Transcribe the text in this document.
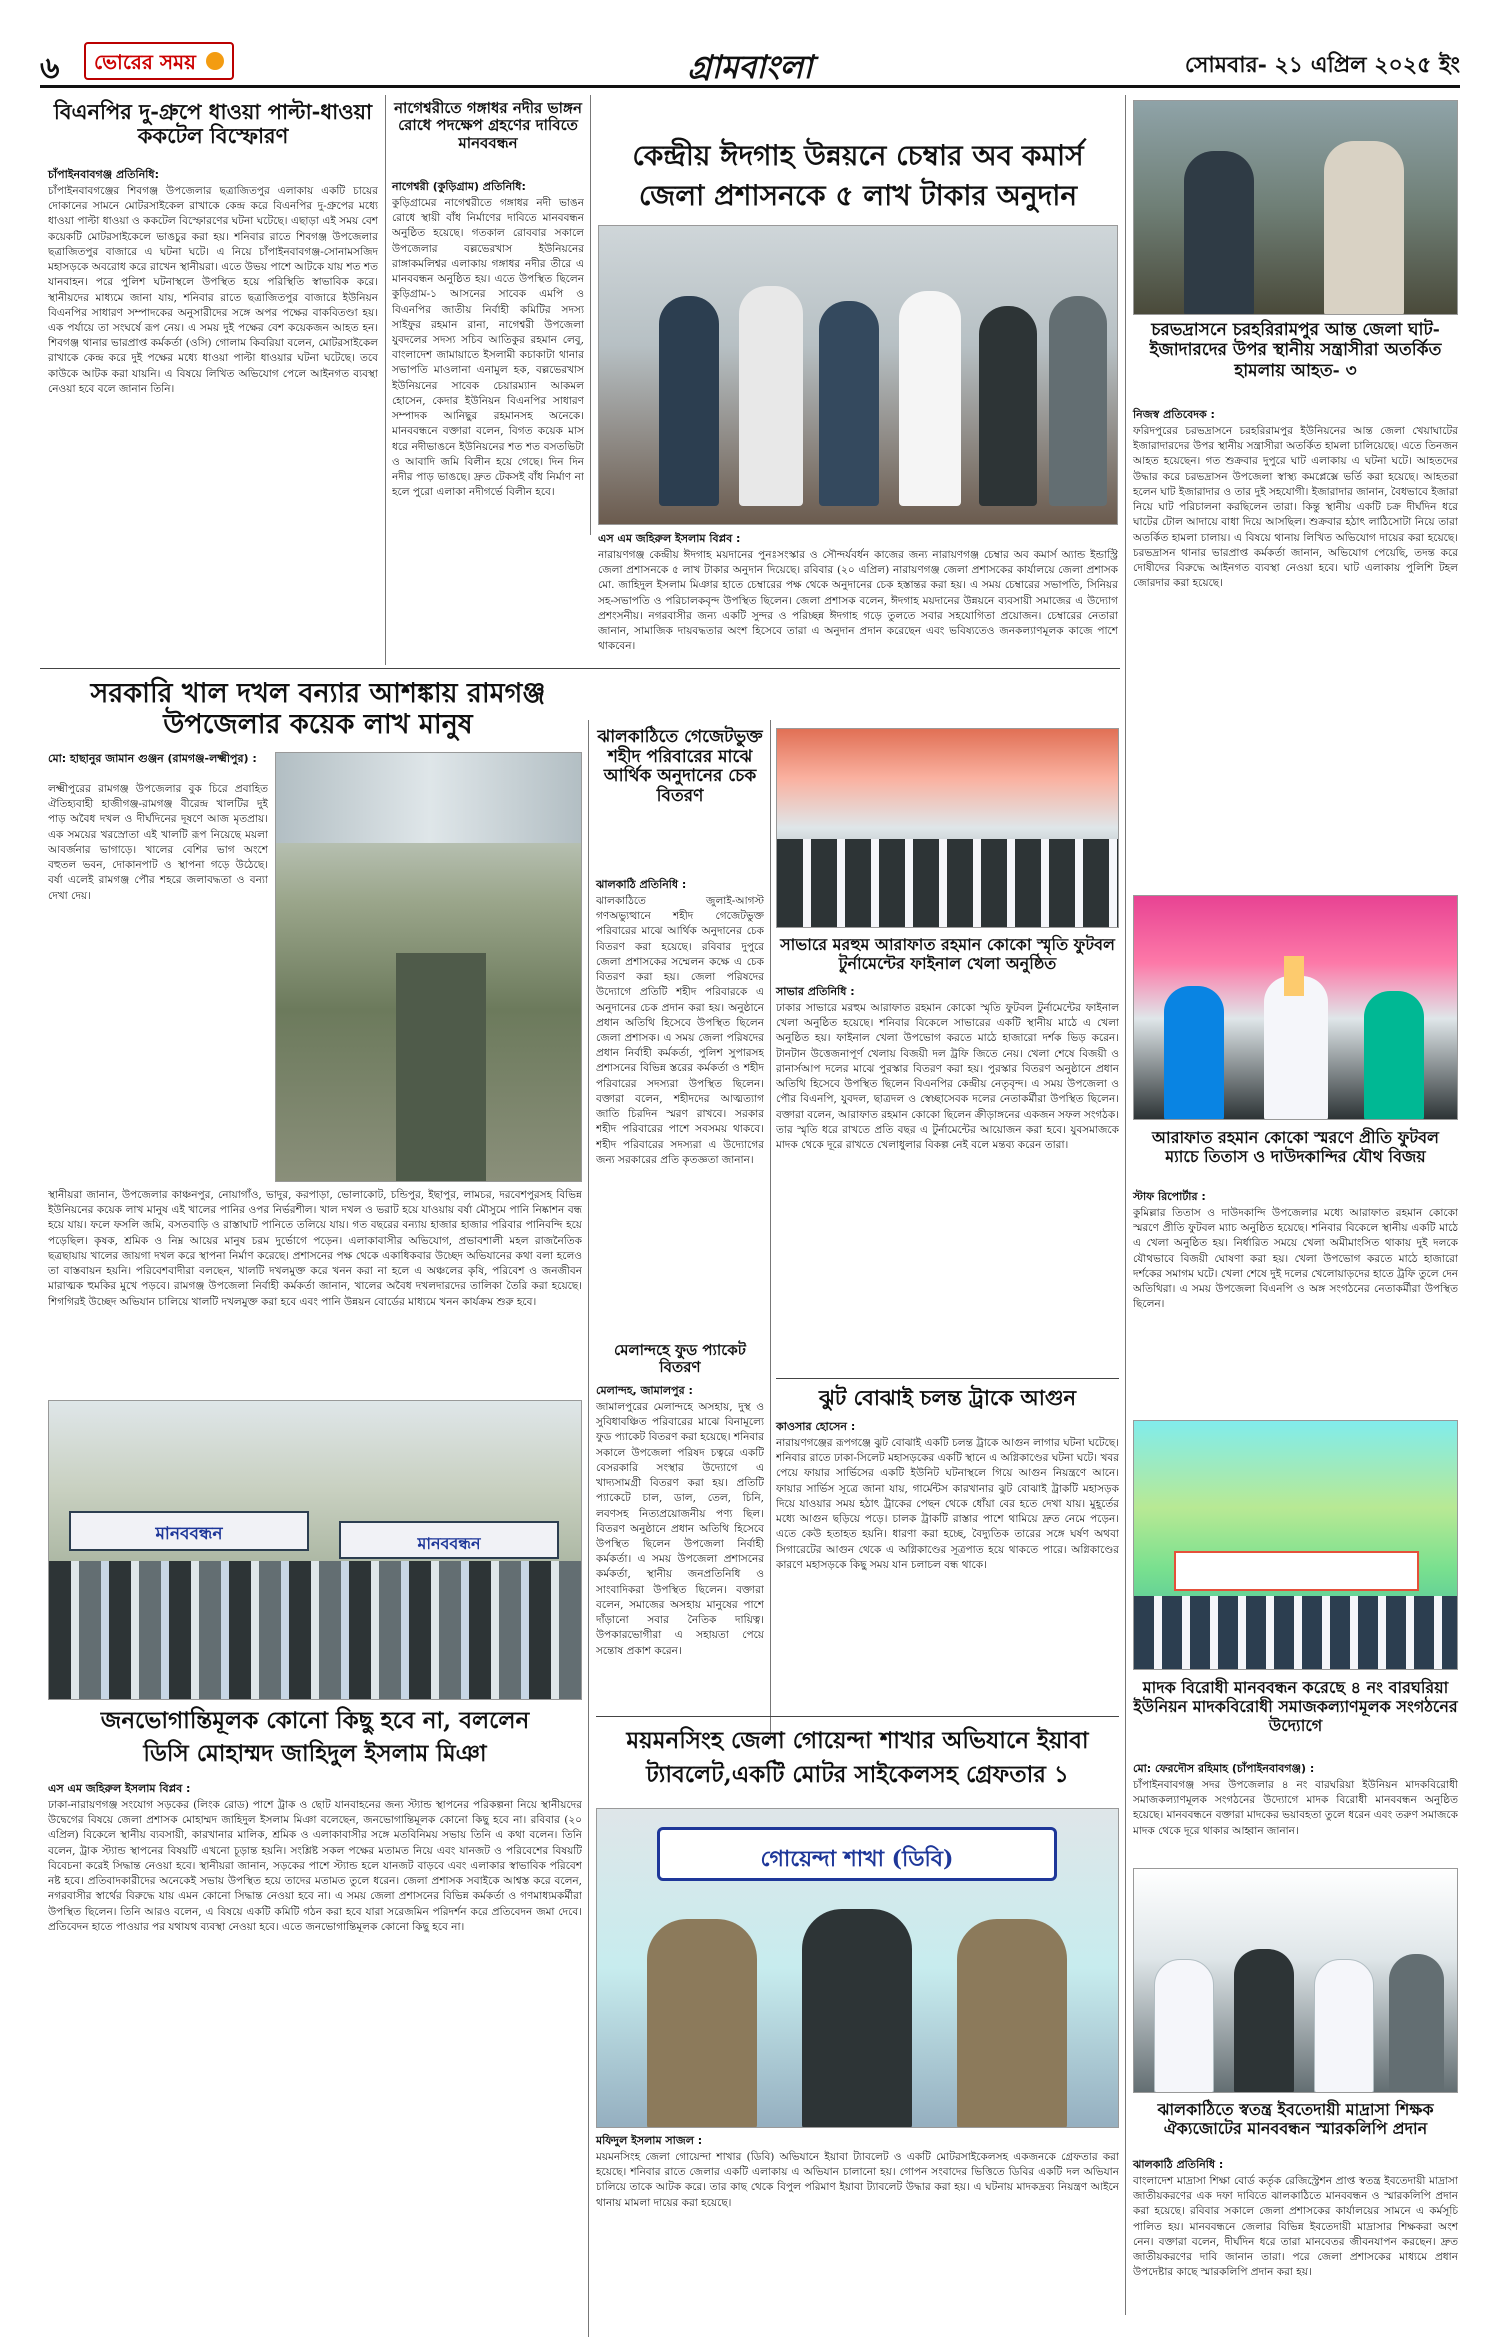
৬ ভোরের সময়	গ্রামবাংলা	সোমবার- ২১ এপ্রিল ২০২৫ ইং
বিএনপির দু-গ্রুপে ধাওয়া পাল্টা-ধাওয়া ককটেল বিস্ফোরণ
চাঁপাইনবাবগঞ্জ প্রতিনিধি:
চাঁপাইনবাবগঞ্জের শিবগঞ্জ উপজেলার ছত্রাজিতপুর এলাকায় একটি চায়ের দোকানের সামনে মোটরসাইকেল রাখাকে কেন্দ্র করে বিএনপির দু-গ্রুপের মধ্যে ধাওয়া পাল্টা ধাওয়া ও ককটেল বিস্ফোরণের ঘটনা ঘটেছে। এছাড়া এই সময় বেশ কয়েকটি মোটরসাইকেলে ভাঙচুর করা হয়। শনিবার রাতে শিবগঞ্জ উপজেলার ছত্রাজিতপুর বাজারে এ ঘটনা ঘটে। এ নিয়ে চাঁপাইনবাবগঞ্জ-সোনামসজিদ মহাসড়কে অবরোধ করে রাখেন স্থানীয়রা। এতে উভয় পাশে আটকে যায় শত শত যানবাহন। পরে পুলিশ ঘটনাস্থলে উপস্থিত হয়ে পরিস্থিতি স্বাভাবিক করে। স্থানীয়দের মাধ্যমে জানা যায়, শনিবার রাতে ছত্রাজিতপুর বাজারে ইউনিয়ন বিএনপির সাধারণ সম্পাদকের অনুসারীদের সঙ্গে অপর পক্ষের বাকবিতণ্ডা হয়। এক পর্যায়ে তা সংঘর্ষে রূপ নেয়। এ সময় দুই পক্ষের বেশ কয়েকজন আহত হন। শিবগঞ্জ থানার ভারপ্রাপ্ত কর্মকর্তা (ওসি) গোলাম কিবরিয়া বলেন, মোটরসাইকেল রাখাকে কেন্দ্র করে দুই পক্ষের মধ্যে ধাওয়া পাল্টা ধাওয়ার ঘটনা ঘটেছে। তবে কাউকে আটক করা যায়নি। এ বিষয়ে লিখিত অভিযোগ পেলে আইনগত ব্যবস্থা নেওয়া হবে বলে জানান তিনি।
নাগেশ্বরীতে গঙ্গাধর নদীর ভাঙ্গন রোধে পদক্ষেপ গ্রহণের দাবিতে মানববন্ধন
নাগেশ্বরী (কুড়িগ্রাম) প্রতিনিধি:
কুড়িগ্রামের নাগেশ্বরীতে গঙ্গাধর নদী ভাঙন রোধে স্থায়ী বাঁধ নির্মাণের দাবিতে মানববন্ধন অনুষ্ঠিত হয়েছে। গতকাল রোববার সকালে উপজেলার বল্লভেরখাস ইউনিয়নের রাঙ্গাকমলিশ্বর এলাকায় গঙ্গাধর নদীর তীরে এ মানববন্ধন অনুষ্ঠিত হয়। এতে উপস্থিত ছিলেন কুড়িগ্রাম-১ আসনের সাবেক এমপি ও বিএনপির জাতীয় নির্বাহী কমিটির সদস্য সাইফুর রহমান রানা, নাগেশ্বরী উপজেলা যুবদলের সদস্য সচিব আতিকুর রহমান লেবু, বাংলাদেশ জামায়াতে ইসলামী কচাকাটা থানার সভাপতি মাওলানা এনামুল হক, বল্লভেরখাস ইউনিয়নের সাবেক চেয়ারম্যান আকমল হোসেন, কেদার ইউনিয়ন বিএনপির সাধারণ সম্পাদক আনিছুর রহমানসহ অনেকে। মানববন্ধনে বক্তারা বলেন, বিগত কয়েক মাস ধরে নদীভাঙনে ইউনিয়নের শত শত বসতভিটা ও আবাদি জমি বিলীন হয়ে গেছে। দিন দিন নদীর পাড় ভাঙছে। দ্রুত টেকসই বাঁধ নির্মাণ না হলে পুরো এলাকা নদীগর্ভে বিলীন হবে।
কেন্দ্রীয় ঈদগাহ উন্নয়নে চেম্বার অব কমার্স
জেলা প্রশাসনকে ৫ লাখ টাকার অনুদান
এস এম জহিরুল ইসলাম বিপ্লব :
নারায়ণগঞ্জ কেন্দ্রীয় ঈদগাহ ময়দানের পুনঃসংস্কার ও সৌন্দর্যবর্ধন কাজের জন্য নারায়ণগঞ্জ চেম্বার অব কমার্স অ্যান্ড ইন্ডাস্ট্রি জেলা প্রশাসনকে ৫ লাখ টাকার অনুদান দিয়েছে। রবিবার (২০ এপ্রিল) নারায়ণগঞ্জ জেলা প্রশাসকের কার্যালয়ে জেলা প্রশাসক মো. জাহিদুল ইসলাম মিঞার হাতে চেম্বারের পক্ষ থেকে অনুদানের চেক হস্তান্তর করা হয়। এ সময় চেম্বারের সভাপতি, সিনিয়র সহ-সভাপতি ও পরিচালকবৃন্দ উপস্থিত ছিলেন। জেলা প্রশাসক বলেন, ঈদগাহ ময়দানের উন্নয়নে ব্যবসায়ী সমাজের এ উদ্যোগ প্রশংসনীয়। নগরবাসীর জন্য একটি সুন্দর ও পরিচ্ছন্ন ঈদগাহ গড়ে তুলতে সবার সহযোগিতা প্রয়োজন। চেম্বারের নেতারা জানান, সামাজিক দায়বদ্ধতার অংশ হিসেবে তারা এ অনুদান প্রদান করেছেন এবং ভবিষ্যতেও জনকল্যাণমূলক কাজে পাশে থাকবেন।
চরভদ্রাসনে চরহরিরামপুর আন্ত জেলা ঘাট-ইজাদারদের উপর স্থানীয় সন্ত্রাসীরা অতর্কিত হামলায় আহত- ৩
নিজস্ব প্রতিবেদক :
ফরিদপুরের চরভদ্রাসনে চরহরিরামপুর ইউনিয়নের আন্ত জেলা খেয়াঘাটের ইজারাদারদের উপর স্থানীয় সন্ত্রাসীরা অতর্কিত হামলা চালিয়েছে। এতে তিনজন আহত হয়েছেন। গত শুক্রবার দুপুরে ঘাট এলাকায় এ ঘটনা ঘটে। আহতদের উদ্ধার করে চরভদ্রাসন উপজেলা স্বাস্থ্য কমপ্লেক্সে ভর্তি করা হয়েছে। আহতরা হলেন ঘাট ইজারাদার ও তার দুই সহযোগী। ইজারাদার জানান, বৈধভাবে ইজারা নিয়ে ঘাট পরিচালনা করছিলেন তারা। কিন্তু স্থানীয় একটি চক্র দীর্ঘদিন ধরে ঘাটের টোল আদায়ে বাধা দিয়ে আসছিল। শুক্রবার হঠাৎ লাঠিসোটা নিয়ে তারা অতর্কিত হামলা চালায়। এ বিষয়ে থানায় লিখিত অভিযোগ দায়ের করা হয়েছে। চরভদ্রাসন থানার ভারপ্রাপ্ত কর্মকর্তা জানান, অভিযোগ পেয়েছি, তদন্ত করে দোষীদের বিরুদ্ধে আইনগত ব্যবস্থা নেওয়া হবে। ঘাট এলাকায় পুলিশি টহল জোরদার করা হয়েছে।
সরকারি খাল দখল বন্যার আশঙ্কায় রামগঞ্জ উপজেলার কয়েক লাখ মানুষ
মো: হাছানুর জামান গুঞ্জন (রামগঞ্জ-লক্ষ্মীপুর) :
লক্ষ্মীপুরের রামগঞ্জ উপজেলার বুক চিরে প্রবাহিত ঐতিহ্যবাহী হাজীগঞ্জ-রামগঞ্জ বীরেন্দ্র খালটির দুই পাড় অবৈধ দখল ও দীর্ঘদিনের দূষণে আজ মৃতপ্রায়। এক সময়ের খরস্রোতা এই খালটি রূপ নিয়েছে ময়লা আবর্জনার ভাগাড়ে। খালের বেশির ভাগ অংশে বহুতল ভবন, দোকানপাট ও স্থাপনা গড়ে উঠেছে। বর্ষা এলেই রামগঞ্জ পৌর শহরে জলাবদ্ধতা ও বন্যা দেখা দেয়।
স্থানীয়রা জানান, উপজেলার কাঞ্চনপুর, নোয়াগাঁও, ভাদুর, করপাড়া, ভোলাকোট, চন্ডিপুর, ইছাপুর, লামচর, দরবেশপুরসহ বিভিন্ন ইউনিয়নের কয়েক লাখ মানুষ এই খালের পানির ওপর নির্ভরশীল। খাল দখল ও ভরাট হয়ে যাওয়ায় বর্ষা মৌসুমে পানি নিষ্কাশন বন্ধ হয়ে যায়। ফলে ফসলি জমি, বসতবাড়ি ও রাস্তাঘাট পানিতে তলিয়ে যায়। গত বছরের বন্যায় হাজার হাজার পরিবার পানিবন্দি হয়ে পড়েছিল। কৃষক, শ্রমিক ও নিম্ন আয়ের মানুষ চরম দুর্ভোগে পড়েন। এলাকাবাসীর অভিযোগ, প্রভাবশালী মহল রাজনৈতিক ছত্রছায়ায় খালের জায়গা দখল করে স্থাপনা নির্মাণ করেছে। প্রশাসনের পক্ষ থেকে একাধিকবার উচ্ছেদ অভিযানের কথা বলা হলেও তা বাস্তবায়ন হয়নি। পরিবেশবাদীরা বলছেন, খালটি দখলমুক্ত করে খনন করা না হলে এ অঞ্চলের কৃষি, পরিবেশ ও জনজীবন মারাত্মক হুমকির মুখে পড়বে। রামগঞ্জ উপজেলা নির্বাহী কর্মকর্তা জানান, খালের অবৈধ দখলদারদের তালিকা তৈরি করা হয়েছে। শিগগিরই উচ্ছেদ অভিযান চালিয়ে খালটি দখলমুক্ত করা হবে এবং পানি উন্নয়ন বোর্ডের মাধ্যমে খনন কার্যক্রম শুরু হবে।
মানববন্ধন	মানববন্ধন
ঝালকাঠিতে গেজেটভুক্ত শহীদ পরিবারের মাঝে আর্থিক অনুদানের চেক বিতরণ
ঝালকাঠি প্রতিনিধি :
ঝালকাঠিতে জুলাই-আগস্ট গণঅভ্যুত্থানে শহীদ গেজেটভুক্ত পরিবারের মাঝে আর্থিক অনুদানের চেক বিতরণ করা হয়েছে। রবিবার দুপুরে জেলা প্রশাসকের সম্মেলন কক্ষে এ চেক বিতরণ করা হয়। জেলা পরিষদের উদ্যোগে প্রতিটি শহীদ পরিবারকে এ অনুদানের চেক প্রদান করা হয়। অনুষ্ঠানে প্রধান অতিথি হিসেবে উপস্থিত ছিলেন জেলা প্রশাসক। এ সময় জেলা পরিষদের প্রধান নির্বাহী কর্মকর্তা, পুলিশ সুপারসহ প্রশাসনের বিভিন্ন স্তরের কর্মকর্তা ও শহীদ পরিবারের সদস্যরা উপস্থিত ছিলেন। বক্তারা বলেন, শহীদদের আত্মত্যাগ জাতি চিরদিন স্মরণ রাখবে। সরকার শহীদ পরিবারের পাশে সবসময় থাকবে। শহীদ পরিবারের সদস্যরা এ উদ্যোগের জন্য সরকারের প্রতি কৃতজ্ঞতা জানান।
মেলান্দহে ফুড প্যাকেট বিতরণ
মেলান্দহ, জামালপুর :
জামালপুরের মেলান্দহে অসহায়, দুস্থ ও সুবিধাবঞ্চিত পরিবারের মাঝে বিনামূল্যে ফুড প্যাকেট বিতরণ করা হয়েছে। শনিবার সকালে উপজেলা পরিষদ চত্বরে একটি বেসরকারি সংস্থার উদ্যোগে এ খাদ্যসামগ্রী বিতরণ করা হয়। প্রতিটি প্যাকেটে চাল, ডাল, তেল, চিনি, লবণসহ নিত্যপ্রয়োজনীয় পণ্য ছিল। বিতরণ অনুষ্ঠানে প্রধান অতিথি হিসেবে উপস্থিত ছিলেন উপজেলা নির্বাহী কর্মকর্তা। এ সময় উপজেলা প্রশাসনের কর্মকর্তা, স্থানীয় জনপ্রতিনিধি ও সাংবাদিকরা উপস্থিত ছিলেন। বক্তারা বলেন, সমাজের অসহায় মানুষের পাশে দাঁড়ানো সবার নৈতিক দায়িত্ব। উপকারভোগীরা এ সহায়তা পেয়ে সন্তোষ প্রকাশ করেন।
সাভারে মরহুম আরাফাত রহমান কোকো স্মৃতি ফুটবল টুর্নামেন্টের ফাইনাল খেলা অনুষ্ঠিত
সাভার প্রতিনিধি :
ঢাকার সাভারে মরহুম আরাফাত রহমান কোকো স্মৃতি ফুটবল টুর্নামেন্টের ফাইনাল খেলা অনুষ্ঠিত হয়েছে। শনিবার বিকেলে সাভারের একটি স্থানীয় মাঠে এ খেলা অনুষ্ঠিত হয়। ফাইনাল খেলা উপভোগ করতে মাঠে হাজারো দর্শক ভিড় করেন। টানটান উত্তেজনাপূর্ণ খেলায় বিজয়ী দল ট্রফি জিতে নেয়। খেলা শেষে বিজয়ী ও রানার্সআপ দলের মাঝে পুরস্কার বিতরণ করা হয়। পুরস্কার বিতরণ অনুষ্ঠানে প্রধান অতিথি হিসেবে উপস্থিত ছিলেন বিএনপির কেন্দ্রীয় নেতৃবৃন্দ। এ সময় উপজেলা ও পৌর বিএনপি, যুবদল, ছাত্রদল ও স্বেচ্ছাসেবক দলের নেতাকর্মীরা উপস্থিত ছিলেন। বক্তারা বলেন, আরাফাত রহমান কোকো ছিলেন ক্রীড়াঙ্গনের একজন সফল সংগঠক। তার স্মৃতি ধরে রাখতে প্রতি বছর এ টুর্নামেন্টের আয়োজন করা হবে। যুবসমাজকে মাদক থেকে দূরে রাখতে খেলাধুলার বিকল্প নেই বলে মন্তব্য করেন তারা।
ঝুট বোঝাই চলন্ত ট্রাকে আগুন
কাওসার হোসেন :
নারায়ণগঞ্জের রূপগঞ্জে ঝুট বোঝাই একটি চলন্ত ট্রাকে আগুন লাগার ঘটনা ঘটেছে। শনিবার রাতে ঢাকা-সিলেট মহাসড়কের একটি স্থানে এ অগ্নিকাণ্ডের ঘটনা ঘটে। খবর পেয়ে ফায়ার সার্ভিসের একটি ইউনিট ঘটনাস্থলে গিয়ে আগুন নিয়ন্ত্রণে আনে। ফায়ার সার্ভিস সূত্রে জানা যায়, গার্মেন্টস কারখানার ঝুট বোঝাই ট্রাকটি মহাসড়ক দিয়ে যাওয়ার সময় হঠাৎ ট্রাকের পেছন থেকে ধোঁয়া বের হতে দেখা যায়। মুহূর্তের মধ্যে আগুন ছড়িয়ে পড়ে। চালক ট্রাকটি রাস্তার পাশে থামিয়ে দ্রুত নেমে পড়েন। এতে কেউ হতাহত হয়নি। ধারণা করা হচ্ছে, বৈদ্যুতিক তারের সঙ্গে ঘর্ষণ অথবা সিগারেটের আগুন থেকে এ অগ্নিকাণ্ডের সূত্রপাত হয়ে থাকতে পারে। অগ্নিকাণ্ডের কারণে মহাসড়কে কিছু সময় যান চলাচল বন্ধ থাকে।
আরাফাত রহমান কোকো স্মরণে প্রীতি ফুটবল ম্যাচে তিতাস ও দাউদকান্দির যৌথ বিজয়
স্টাফ রিপোর্টার :
কুমিল্লার তিতাস ও দাউদকান্দি উপজেলার মধ্যে আরাফাত রহমান কোকো স্মরণে প্রীতি ফুটবল ম্যাচ অনুষ্ঠিত হয়েছে। শনিবার বিকেলে স্থানীয় একটি মাঠে এ খেলা অনুষ্ঠিত হয়। নির্ধারিত সময়ে খেলা অমীমাংসিত থাকায় দুই দলকে যৌথভাবে বিজয়ী ঘোষণা করা হয়। খেলা উপভোগ করতে মাঠে হাজারো দর্শকের সমাগম ঘটে। খেলা শেষে দুই দলের খেলোয়াড়দের হাতে ট্রফি তুলে দেন অতিথিরা। এ সময় উপজেলা বিএনপি ও অঙ্গ সংগঠনের নেতাকর্মীরা উপস্থিত ছিলেন।
মাদক বিরোধী মানববন্ধন করেছে ৪ নং বারঘরিয়া ইউনিয়ন মাদকবিরোধী সমাজকল্যাণমূলক সংগঠনের উদ্যোগে
মো: ফেরদৌস রহিমাহ (চাঁপাইনবাবগঞ্জ) :
চাঁপাইনবাবগঞ্জ সদর উপজেলার ৪ নং বারঘরিয়া ইউনিয়ন মাদকবিরোধী সমাজকল্যাণমূলক সংগঠনের উদ্যোগে মাদক বিরোধী মানববন্ধন অনুষ্ঠিত হয়েছে। মানববন্ধনে বক্তারা মাদকের ভয়াবহতা তুলে ধরেন এবং তরুণ সমাজকে মাদক থেকে দূরে থাকার আহ্বান জানান।
জনভোগান্তিমূলক কোনো কিছু হবে না, বললেন
ডিসি মোহাম্মদ জাহিদুল ইসলাম মিঞা
এস এম জহিরুল ইসলাম বিপ্লব :
ঢাকা-নারায়ণগঞ্জ সংযোগ সড়কের (লিংক রোড) পাশে ট্রাক ও ছোট যানবাহনের জন্য স্ট্যান্ড স্থাপনের পরিকল্পনা নিয়ে স্থানীয়দের উদ্বেগের বিষয়ে জেলা প্রশাসক মোহাম্মদ জাহিদুল ইসলাম মিঞা বলেছেন, জনভোগান্তিমূলক কোনো কিছু হবে না। রবিবার (২০ এপ্রিল) বিকেলে স্থানীয় ব্যবসায়ী, কারখানার মালিক, শ্রমিক ও এলাকাবাসীর সঙ্গে মতবিনিময় সভায় তিনি এ কথা বলেন। তিনি বলেন, ট্রাক স্ট্যান্ড স্থাপনের বিষয়টি এখনো চূড়ান্ত হয়নি। সংশ্লিষ্ট সকল পক্ষের মতামত নিয়ে এবং যানজট ও পরিবেশের বিষয়টি বিবেচনা করেই সিদ্ধান্ত নেওয়া হবে। স্থানীয়রা জানান, সড়কের পাশে স্ট্যান্ড হলে যানজট বাড়বে এবং এলাকার স্বাভাবিক পরিবেশ নষ্ট হবে। প্রতিবাদকারীদের অনেকেই সভায় উপস্থিত হয়ে তাদের মতামত তুলে ধরেন। জেলা প্রশাসক সবাইকে আশ্বস্ত করে বলেন, নগরবাসীর স্বার্থের বিরুদ্ধে যায় এমন কোনো সিদ্ধান্ত নেওয়া হবে না। এ সময় জেলা প্রশাসনের বিভিন্ন কর্মকর্তা ও গণমাধ্যমকর্মীরা উপস্থিত ছিলেন। তিনি আরও বলেন, এ বিষয়ে একটি কমিটি গঠন করা হবে যারা সরেজমিন পরিদর্শন করে প্রতিবেদন জমা দেবে। প্রতিবেদন হাতে পাওয়ার পর যথাযথ ব্যবস্থা নেওয়া হবে। এতে জনভোগান্তিমূলক কোনো কিছু হবে না।
ময়মনসিংহ জেলা গোয়েন্দা শাখার অভিযানে ইয়াবা
ট্যাবলেট,একটি মোটর সাইকেলসহ গ্রেফতার ১
গোয়েন্দা শাখা (ডিবি)
মফিদুল ইসলাম সাজল :
ময়মনসিংহ জেলা গোয়েন্দা শাখার (ডিবি) অভিযানে ইয়াবা ট্যাবলেট ও একটি মোটরসাইকেলসহ একজনকে গ্রেফতার করা হয়েছে। শনিবার রাতে জেলার একটি এলাকায় এ অভিযান চালানো হয়। গোপন সংবাদের ভিত্তিতে ডিবির একটি দল অভিযান চালিয়ে তাকে আটক করে। তার কাছ থেকে বিপুল পরিমাণ ইয়াবা ট্যাবলেট উদ্ধার করা হয়। এ ঘটনায় মাদকদ্রব্য নিয়ন্ত্রণ আইনে থানায় মামলা দায়ের করা হয়েছে।
ঝালকাঠিতে স্বতন্ত্র ইবতেদায়ী মাদ্রাসা শিক্ষক ঐক্যজোটের মানববন্ধন স্মারকলিপি প্রদান
ঝালকাঠি প্রতিনিধি :
বাংলাদেশ মাদ্রাসা শিক্ষা বোর্ড কর্তৃক রেজিস্ট্রেশন প্রাপ্ত স্বতন্ত্র ইবতেদায়ী মাদ্রাসা জাতীয়করণের এক দফা দাবিতে ঝালকাঠিতে মানববন্ধন ও স্মারকলিপি প্রদান করা হয়েছে। রবিবার সকালে জেলা প্রশাসকের কার্যালয়ের সামনে এ কর্মসূচি পালিত হয়। মানববন্ধনে জেলার বিভিন্ন ইবতেদায়ী মাদ্রাসার শিক্ষকরা অংশ নেন। বক্তারা বলেন, দীর্ঘদিন ধরে তারা মানবেতর জীবনযাপন করছেন। দ্রুত জাতীয়করণের দাবি জানান তারা। পরে জেলা প্রশাসকের মাধ্যমে প্রধান উপদেষ্টার কাছে স্মারকলিপি প্রদান করা হয়।
